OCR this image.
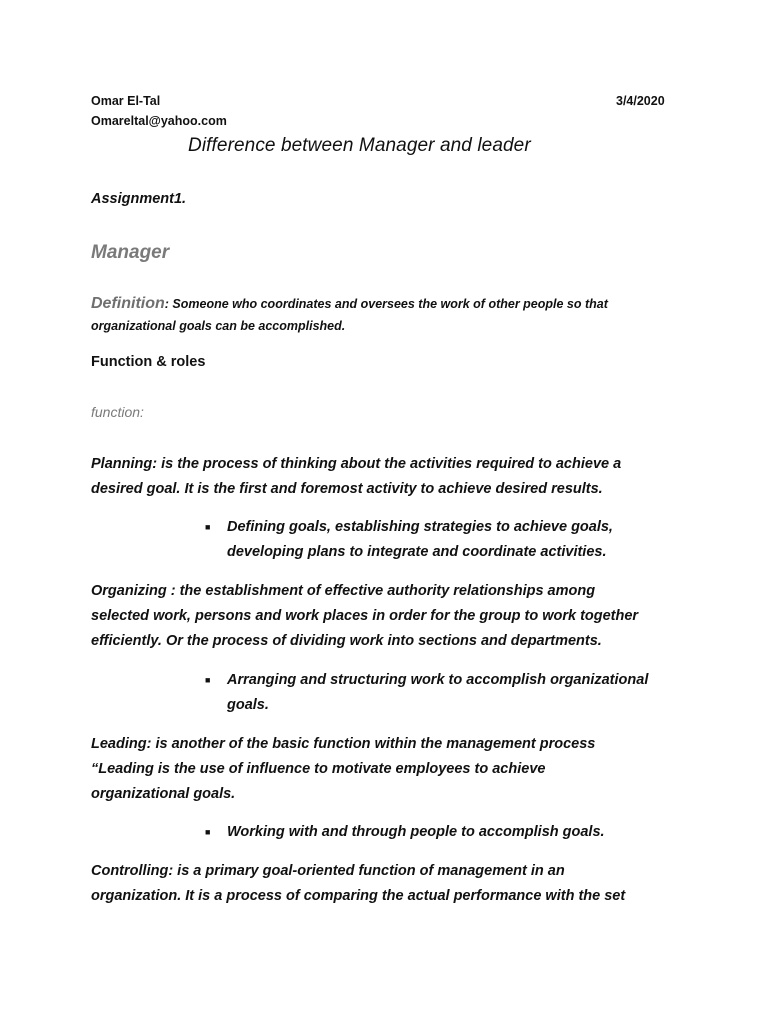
Omar El-Tal
Omareltal@yahoo.com
3/4/2020
Difference between Manager and leader
Assignment1.
Manager
Definition: Someone who coordinates and oversees the work of other people so that
organizational goals can be accomplished.
Function & roles
function:
Planning: is the process of thinking about the activities required to achieve a
desired goal. It is the first and foremost activity to achieve desired results.
■ Defining goals, establishing strategies to achieve goals,
developing plans to integrate and coordinate activities.
Organizing : the establishment of effective authority relationships among
selected work, persons and work places in order for the group to work together
efficiently. Or the process of dividing work into sections and departments.
■ Arranging and structuring work to accomplish organizational
goals.
Leading: is another of the basic function within the management process
“Leading is the use of influence to motivate employees to achieve
organizational goals.
■ Working with and through people to accomplish goals.
Controlling: is a primary goal-oriented function of management in an
organization. It is a process of comparing the actual performance with the set
